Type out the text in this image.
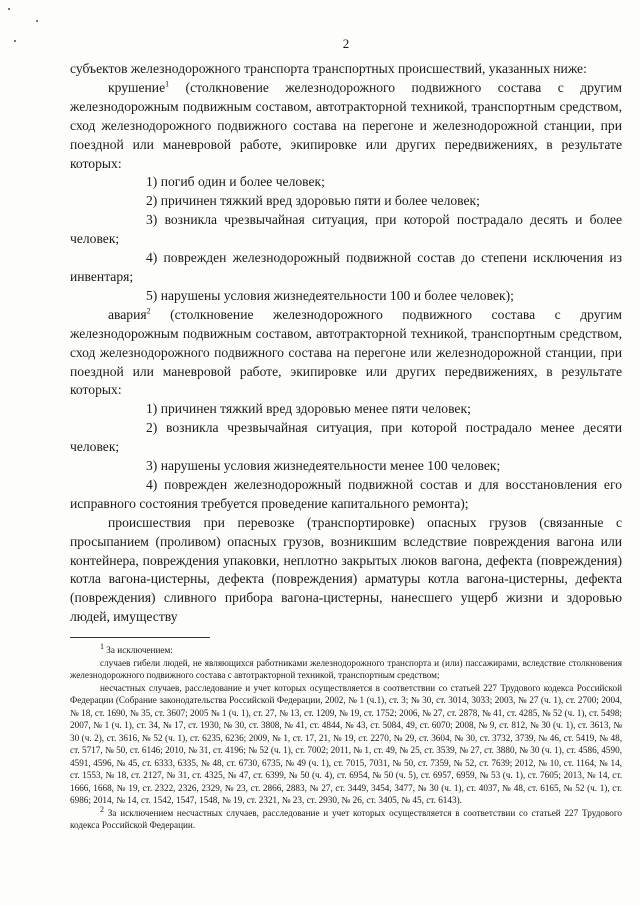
2

субъектов железнодорожного транспорта транспортных происшествий, указанных ниже:

крушение$^1$ (столкновение железнодорожного подвижного состава с другим железнодорожным подвижным составом, автотракторной техникой, транспортным средством, сход железнодорожного подвижного состава на перегоне и железнодорожной станции, при поездной или маневровой работе, экипировке или других передвижениях, в результате которых:

1) погиб один и более человек;

2) причинен тяжкий вред здоровью пяти и более человек;

3) возникла чрезвычайная ситуация, при которой пострадало десять и более человек;

4) поврежден железнодорожный подвижной состав до степени исключения из инвентаря;

5) нарушены условия жизнедеятельности 100 и более человек);

авария$^2$ (столкновение железнодорожного подвижного состава с другим железнодорожным подвижным составом, автотракторной техникой, транспортным средством, сход железнодорожного подвижного состава на перегоне или железнодорожной станции, при поездной или маневровой работе, экипировке или других передвижениях, в результате которых:

1) причинен тяжкий вред здоровью менее пяти человек;

2) возникла чрезвычайная ситуация, при которой пострадало менее десяти человек;

3) нарушены условия жизнедеятельности менее 100 человек;

4) поврежден железнодорожный подвижной состав и для восстановления его исправного состояния требуется проведение капитального ремонта);

происшествия при перевозке (транспортировке) опасных грузов (связанные с просыпанием (проливом) опасных грузов, возникшим вследствие повреждения вагона или контейнера, повреждения упаковки, неплотно закрытых люков вагона, дефекта (повреждения) котла вагона-цистерны, дефекта (повреждения) арматуры котла вагона-цистерны, дефекта (повреждения) сливного прибора вагона-цистерны, нанесшего ущерб жизни и здоровью людей, имуществу

$^1$ За исключением:

случаев гибели людей, не являющихся работниками железнодорожного транспорта и (или) пассажирами, вследствие столкновения железнодорожного подвижного состава с автотракторной техникой, транспортным средством;

несчастных случаев, расследование и учет которых осуществляется в соответствии со статьей 227 Трудового кодекса Российской Федерации (Собрание законодательства Российской Федерации, 2002, № 1 (ч.1), ст. 3; № 30, ст. 3014, 3033; 2003, № 27 (ч. 1), ст. 2700; 2004, № 18, ст. 1690, № 35, ст. 3607; 2005 № 1 (ч. 1), ст. 27, № 13, ст. 1209, № 19, ст. 1752; 2006, № 27, ст. 2878, № 41, ст. 4285, № 52 (ч. 1), ст. 5498; 2007, № 1 (ч. 1), ст. 34, № 17, ст. 1930, № 30, ст. 3808, № 41, ст. 4844, № 43, ст. 5084, 49, ст. 6070; 2008, № 9, ст. 812, № 30 (ч. 1), ст. 3613, № 30 (ч. 2), ст. 3616, № 52 (ч. 1), ст. 6235, 6236; 2009, № 1, ст. 17, 21, № 19, ст. 2270, № 29, ст. 3604, № 30, ст. 3732, 3739, № 46, ст. 5419, № 48, ст. 5717, № 50, ст. 6146; 2010, № 31, ст. 4196; № 52 (ч. 1), ст. 7002; 2011, № 1, ст. 49, № 25, ст. 3539, № 27, ст. 3880, № 30 (ч. 1), ст. 4586, 4590, 4591, 4596, № 45, ст. 6333, 6335, № 48, ст. 6730, 6735, № 49 (ч. 1), ст. 7015, 7031, № 50, ст. 7359, № 52, ст. 7639; 2012, № 10, ст. 1164, № 14, ст. 1553, № 18, ст. 2127, № 31, ст. 4325, № 47, ст. 6399, № 50 (ч. 4), ст. 6954, № 50 (ч. 5), ст. 6957, 6959, № 53 (ч. 1), ст. 7605; 2013, № 14, ст. 1666, 1668, № 19, ст. 2322, 2326, 2329, № 23, ст. 2866, 2883, № 27, ст. 3449, 3454, 3477, № 30 (ч. 1), ст. 4037, № 48, ст. 6165, № 52 (ч. 1), ст. 6986; 2014, № 14, ст. 1542, 1547, 1548, № 19, ст. 2321, № 23, ст. 2930, № 26, ст. 3405, № 45, ст. 6143).

$^2$ За исключением несчастных случаев, расследование и учет которых осуществляется в соответствии со статьей 227 Трудового кодекса Российской Федерации.
